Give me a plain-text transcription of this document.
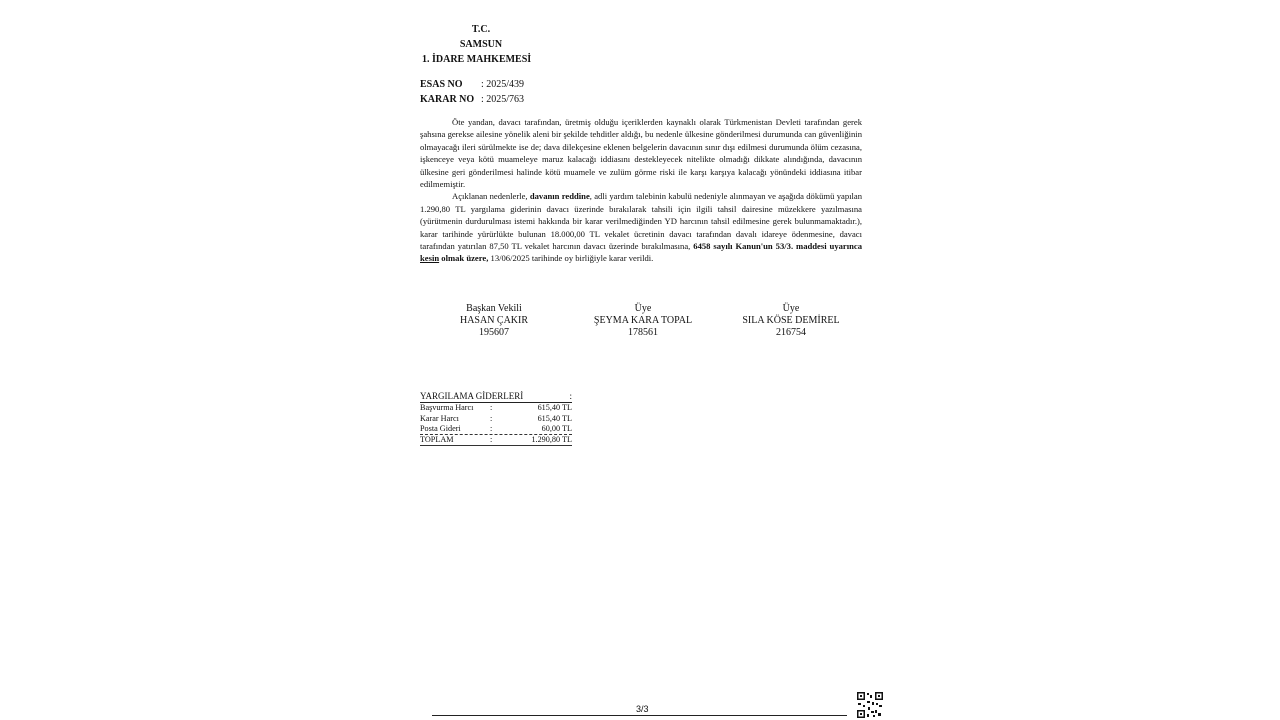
T.C.
SAMSUN
1. İDARE MAHKEMESİ
ESAS NO	: 2025/439
KARAR NO : 2025/763

Öte yandan, davacı tarafından, üretmiş olduğu içeriklerden kaynaklı olarak Türkmenistan Devleti tarafından gerek şahsına gerekse ailesine yönelik aleni bir şekilde tehditler aldığı, bu nedenle ülkesine gönderilmesi durumunda can güvenliğinin olmayacağı ileri sürülmekte ise de; dava dilekçesine eklenen belgelerin davacının sınır dışı edilmesi durumunda ölüm cezasına, işkenceye veya kötü muameleye maruz kalacağı iddiasını destekleyecek nitelikte olmadığı dikkate alındığında, davacının ülkesine geri gönderilmesi halinde kötü muamele ve zulüm görme riski ile karşı karşıya kalacağı yönündeki iddiasına itibar edilmemiştir.

Açıklanan nedenlerle, davanın reddine, adli yardım talebinin kabulü nedeniyle alınmayan ve aşağıda dökümü yapılan 1.290,80 TL yargılama giderinin davacı üzerinde bırakılarak tahsili için ilgili tahsil dairesine müzekkere yazılmasına (yürütmenin durdurulması istemi hakkında bir karar verilmediğinden YD harcının tahsil edilmesine gerek bulunmamaktadır.), karar tarihinde yürürlükte bulunan 18.000,00 TL vekalet ücretinin davacı tarafından davalı idareye ödenmesine, davacı tarafından yatırılan 87,50 TL vekalet harcının davacı üzerinde bırakılmasına, 6458 sayılı Kanun'un 53/3. maddesi uyarınca kesin olmak üzere, 13/06/2025 tarihinde oy birliğiyle karar verildi.

Başkan Vekili
HASAN ÇAKIR
195607
Üye
ŞEYMA KARA TOPAL
178561
Üye
SILA KÖSE DEMİREL
216754
YARGILAMA GİDERLERİ	:
Başvurma Harcı	:	615,40 TL
Karar Harcı	:	615,40 TL
Posta Gideri	:	60,00 TL
TOPLAM	:	1.290,80 TL
3/3
